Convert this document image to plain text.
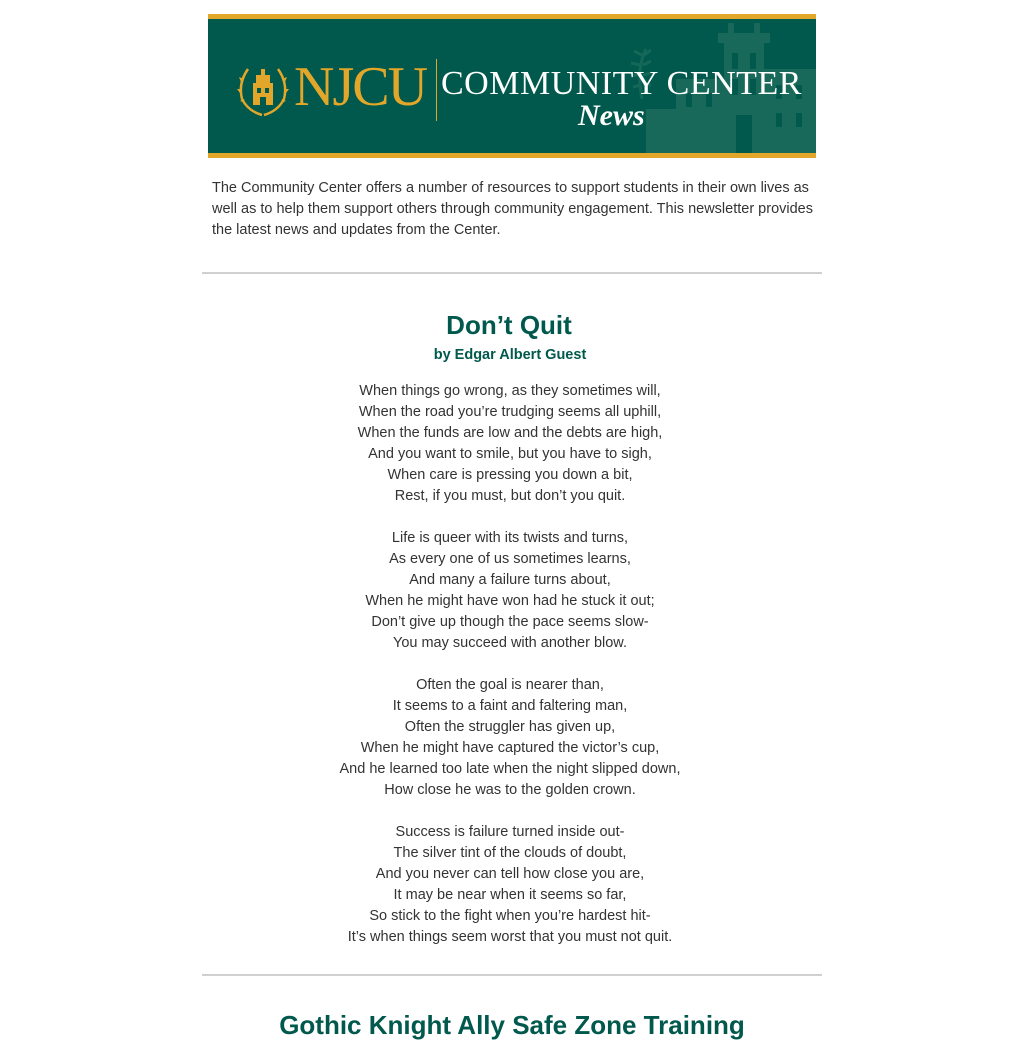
NJCU COMMUNITY CENTER
News
The Community Center offers a number of resources to support students in their own lives as well as to help them support others through community engagement. This newsletter provides the latest news and updates from the Center.
Don’t Quit
by Edgar Albert Guest
When things go wrong, as they sometimes will,
When the road you’re trudging seems all uphill,
When the funds are low and the debts are high,
And you want to smile, but you have to sigh,
When care is pressing you down a bit,
Rest, if you must, but don’t you quit.
Life is queer with its twists and turns,
As every one of us sometimes learns,
And many a failure turns about,
When he might have won had he stuck it out;
Don’t give up though the pace seems slow-
You may succeed with another blow.
Often the goal is nearer than,
It seems to a faint and faltering man,
Often the struggler has given up,
When he might have captured the victor’s cup,
And he learned too late when the night slipped down,
How close he was to the golden crown.
Success is failure turned inside out-
The silver tint of the clouds of doubt,
And you never can tell how close you are,
It may be near when it seems so far,
So stick to the fight when you’re hardest hit-
It’s when things seem worst that you must not quit.
Gothic Knight Ally Safe Zone Training
